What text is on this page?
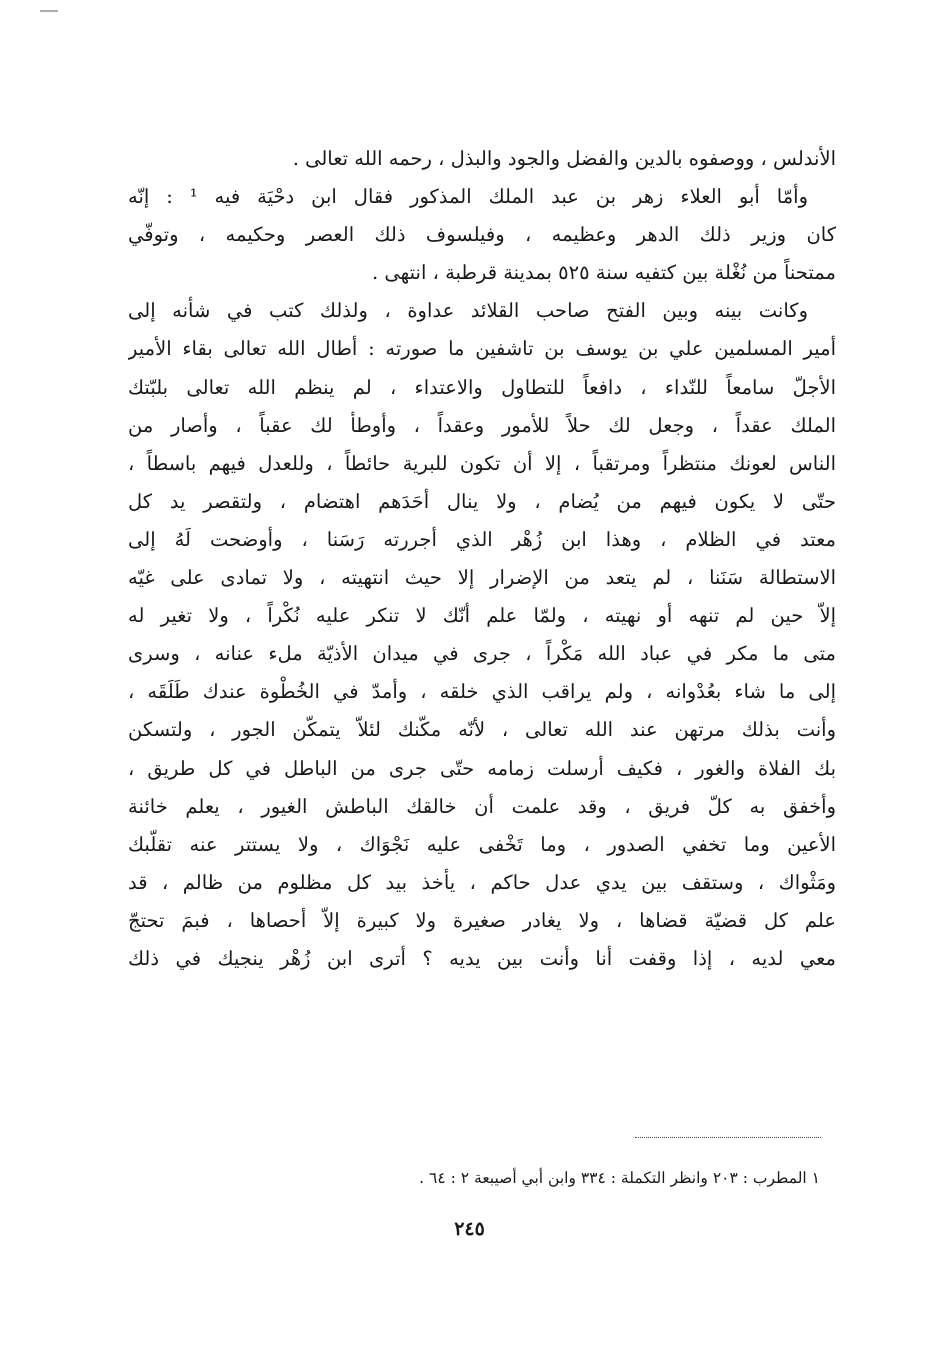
الأندلس ، ووصفوه بالدين والفضل والجود والبذل ، رحمه الله تعالى .
وأمّا أبو العلاء زهر بن عبد الملك المذكور فقال ابن دحْيَة فيه ¹ : إنّه
كان وزير ذلك الدهر وعظيمه ، وفيلسوف ذلك العصر وحكيمه ، وتوفّي
ممتحناً من نُغْلة بين كتفيه سنة ٥٢٥ بمدينة قرطبة ، انتهى .
وكانت بينه وبين الفتح صاحب القلائد عداوة ، ولذلك كتب في شأنه إلى
أمير المسلمين علي بن يوسف بن تاشفين ما صورته : أطال الله تعالى بقاء الأمير
الأجلّ سامعاً للنّداء ، دافعاً للتطاول والاعتداء ، لم ينظم الله تعالى بلبّتك
الملك عقداً ، وجعل لك حلاً للأمور وعقداً ، وأوطأ لك عقباً ، وأصار من
الناس لعونك منتظراً ومرتقباً ، إلا أن تكون للبرية حائطاً ، وللعدل فيهم باسطاً ،
حتّى لا يكون فيهم من يُضام ، ولا ينال أحَدَهم اهتضام ، ولتقصر يد كل
معتد في الظلام ، وهذا ابن زُهْر الذي أجررته رَسَنا ، وأوضحت لَهُ إلى
الاستطالة سَنَنا ، لم يتعد من الإضرار إلا حيث انتهيته ، ولا تمادى على غيّه
إلاّ حين لم تنهه أو نهيته ، ولمّا علم أنّك لا تنكر عليه نُكْراً ، ولا تغير له
متى ما مكر في عباد الله مَكْراً ، جرى في ميدان الأذيّة ملء عنانه ، وسرى
إلى ما شاء بعُدْوانه ، ولم يراقب الذي خلقه ، وأمدّ في الخُطْوة عندك طَلَقَه ،
وأنت بذلك مرتهن عند الله تعالى ، لأنّه مكّنك لئلاّ يتمكّن الجور ، ولتسكن
بك الفلاة والغور ، فكيف أرسلت زمامه حتّى جرى من الباطل في كل طريق ،
وأخفق به كلّ فريق ، وقد علمت أن خالقك الباطش الغيور ، يعلم خائنة
الأعين وما تخفي الصدور ، وما تَخْفى عليه نَجْوَاك ، ولا يستتر عنه تقلّبك
ومَثْواك ، وستقف بين يدي عدل حاكم ، يأخذ بيد كل مظلوم من ظالم ، قد
علم كل قضيّة قضاها ، ولا يغادر صغيرة ولا كبيرة إلاّ أحصاها ، فبمَ تحتجّ
معي لديه ، إذا وقفت أنا وأنت بين يديه ؟ أترى ابن زُهْر ينجيك في ذلك
١ المطرب : ٢٠٣ وانظر التكملة : ٣٣٤ وابن أبي أصيبعة ٢ : ٦٤ .
٢٤٥
